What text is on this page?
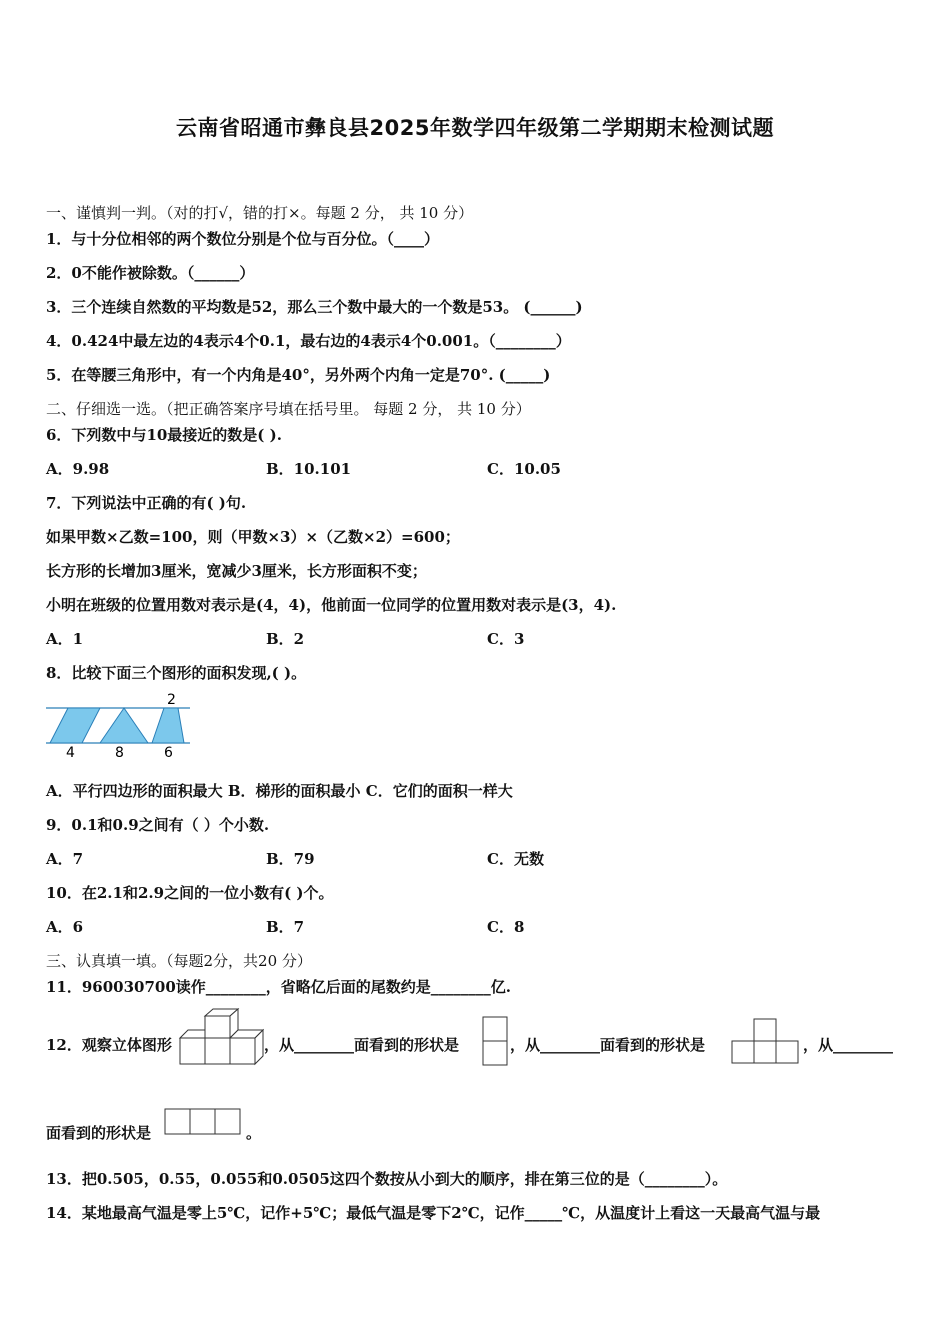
云南省昭通市彝良县2025年数学四年级第二学期期末检测试题
一、谨慎判一判。（对的打√，错的打×。每题 2 分， 共 10 分）
1．与十分位相邻的两个数位分别是个位与百分位。（____）
2．0不能作被除数。（______）
3．三个连续自然数的平均数是52，那么三个数中最大的一个数是53。 (______)
4．0.424中最左边的4表示4个0.1，最右边的4表示4个0.001。（________）
5．在等腰三角形中，有一个内角是40°，另外两个内角一定是70°. (_____)
二、仔细选一选。（把正确答案序号填在括号里。 每题 2 分， 共 10 分）
6．下列数中与10最接近的数是( ).
A．9.98	B．10.101	C．10.05
7．下列说法中正确的有( )句.
如果甲数×乙数=100，则（甲数×3）×（乙数×2）=600；
长方形的长增加3厘米，宽减少3厘米，长方形面积不变；
小明在班级的位置用数对表示是(4，4)，他前面一位同学的位置用数对表示是(3，4).
A．1	B．2	C．3
8．比较下面三个图形的面积发现,( )。
2
4	8	6
A．平行四边形的面积最大 B．梯形的面积最小 C．它们的面积一样大
9．0.1和0.9之间有（ ）个小数.
A．7	B．79	C．无数
10．在2.1和2.9之间的一位小数有( )个。
A．6	B．7	C．8
三、认真填一填。（每题2分，共20 分）
11．960030700读作________，省略亿后面的尾数约是________亿.
12．观察立体图形	，从________面看到的形状是	，从________面看到的形状是	，从________
面看到的形状是	。
13．把0.505，0.55，0.055和0.0505这四个数按从小到大的顺序，排在第三位的是（________）。
14．某地最高气温是零上5℃，记作+5℃；最低气温是零下2℃，记作_____℃，从温度计上看这一天最高气温与最
